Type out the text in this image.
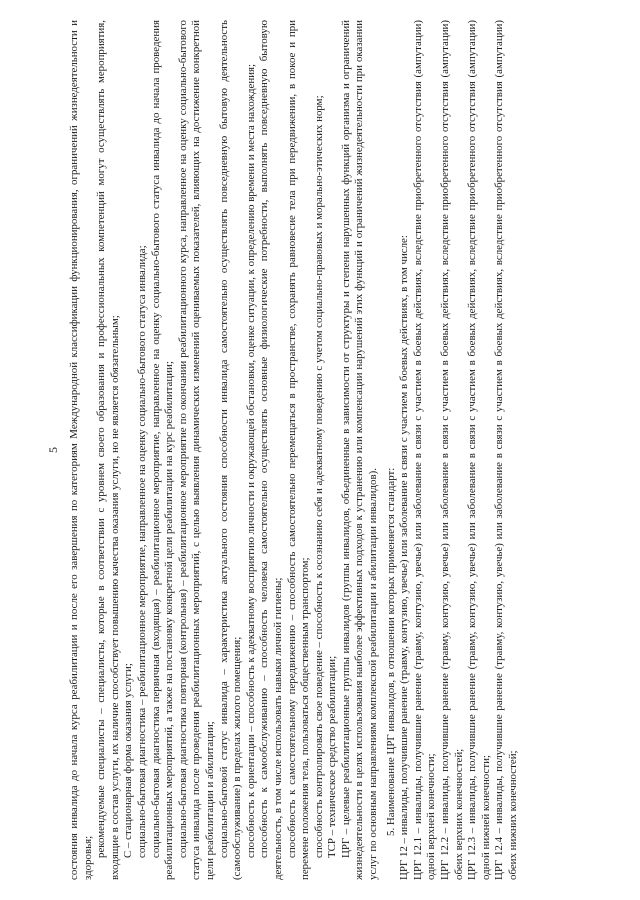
5 состояния инвалида до начала курса реабилитации и после его завершения по категориям Международной классификации функционирования, ограничений жизнедеятельности и здоровья; рекомендуемые специалисты – специалисты, которые в соответствии с уровнем своего образования и профессиональных компетенций могут осуществлять мероприятия, входящие в состав услуги, их наличие способствует повышению качества оказания услуги, но не является обязательным; С – стационарная форма оказания услуги; социально-бытовая диагностика – реабилитационное мероприятие, направленное на оценку социально-бытового статуса инвалида; социально-бытовая диагностика первичная (входящая) – реабилитационное мероприятие, направленное на оценку социально-бытового статуса инвалида до начала проведения реабилитационных мероприятий, а также на постановку конкретной цели реабилитации на курс реабилитации; социально-бытовая диагностика повторная (контрольная) – реабилитационное мероприятие по окончании реабилитационного курса, направленное на оценку социально-бытового статуса инвалида после проведения реабилитационных мероприятий, с целью выявления динамических изменений оцениваемых показателей, влияющих на достижение конкретной цели реабилитации и абилитации; социально-бытовой статус инвалида – характеристика актуального состояния способности инвалида самостоятельно осуществлять повседневную бытовую деятельность (самообслуживание) в пределах жилого помещения; способность к ориентации – способность к адекватному восприятию личности и окружающей обстановки, оценке ситуации, к определению времени и места нахождения; способность к самообслуживанию – способность человека самостоятельно осуществлять основные физиологические потребности, выполнять повседневную бытовую деятельность, в том числе использовать навыки личной гигиены; способность к самостоятельному передвижению – способность самостоятельно перемещаться в пространстве, сохранять равновесие тела при передвижении, в покое и при перемене положения тела, пользоваться общественным транспортом; способность контролировать свое поведение – способность к осознанию себя и адекватному поведению с учетом социально-правовых и морально-этических норм; ТСР – техническое средство реабилитации; ЦРГ – целевые реабилитационные группы инвалидов (группы инвалидов, объединенные в зависимости от структуры и степени нарушенных функций организма и ограничений жизнедеятельности в целях использования наиболее эффективных подходов к устранению или компенсации нарушений этих функций и ограничений жизнедеятельности при оказании услуг по основным направлениям комплексной реабилитации и абилитации инвалидов). 5. Наименование ЦРГ инвалидов, в отношении которых применяется стандарт: ЦРГ 12 – инвалиды, получившие ранение (травму, контузию, увечье) или заболевание в связи с участием в боевых действиях, в том числе: ЦРГ 12.1 – инвалиды, получившие ранение (травму, контузию, увечье) или заболевание в связи с участием в боевых действиях, вследствие приобретенного отсутствия (ампутации) одной верхней конечности; ЦРГ 12.2 – инвалиды, получившие ранение (травму, контузию, увечье) или заболевание в связи с участием в боевых действиях, вследствие приобретенного отсутствия (ампутации) обеих верхних конечностей; ЦРГ 12.3 – инвалиды, получившие ранение (травму, контузию, увечье) или заболевание в связи с участием в боевых действиях, вследствие приобретенного отсутствия (ампутации) одной нижней конечности; ЦРГ 12.4 – инвалиды, получившие ранение (травму, контузию, увечье) или заболевание в связи с участием в боевых действиях, вследствие приобретенного отсутствия (ампутации) обеих нижних конечностей;
